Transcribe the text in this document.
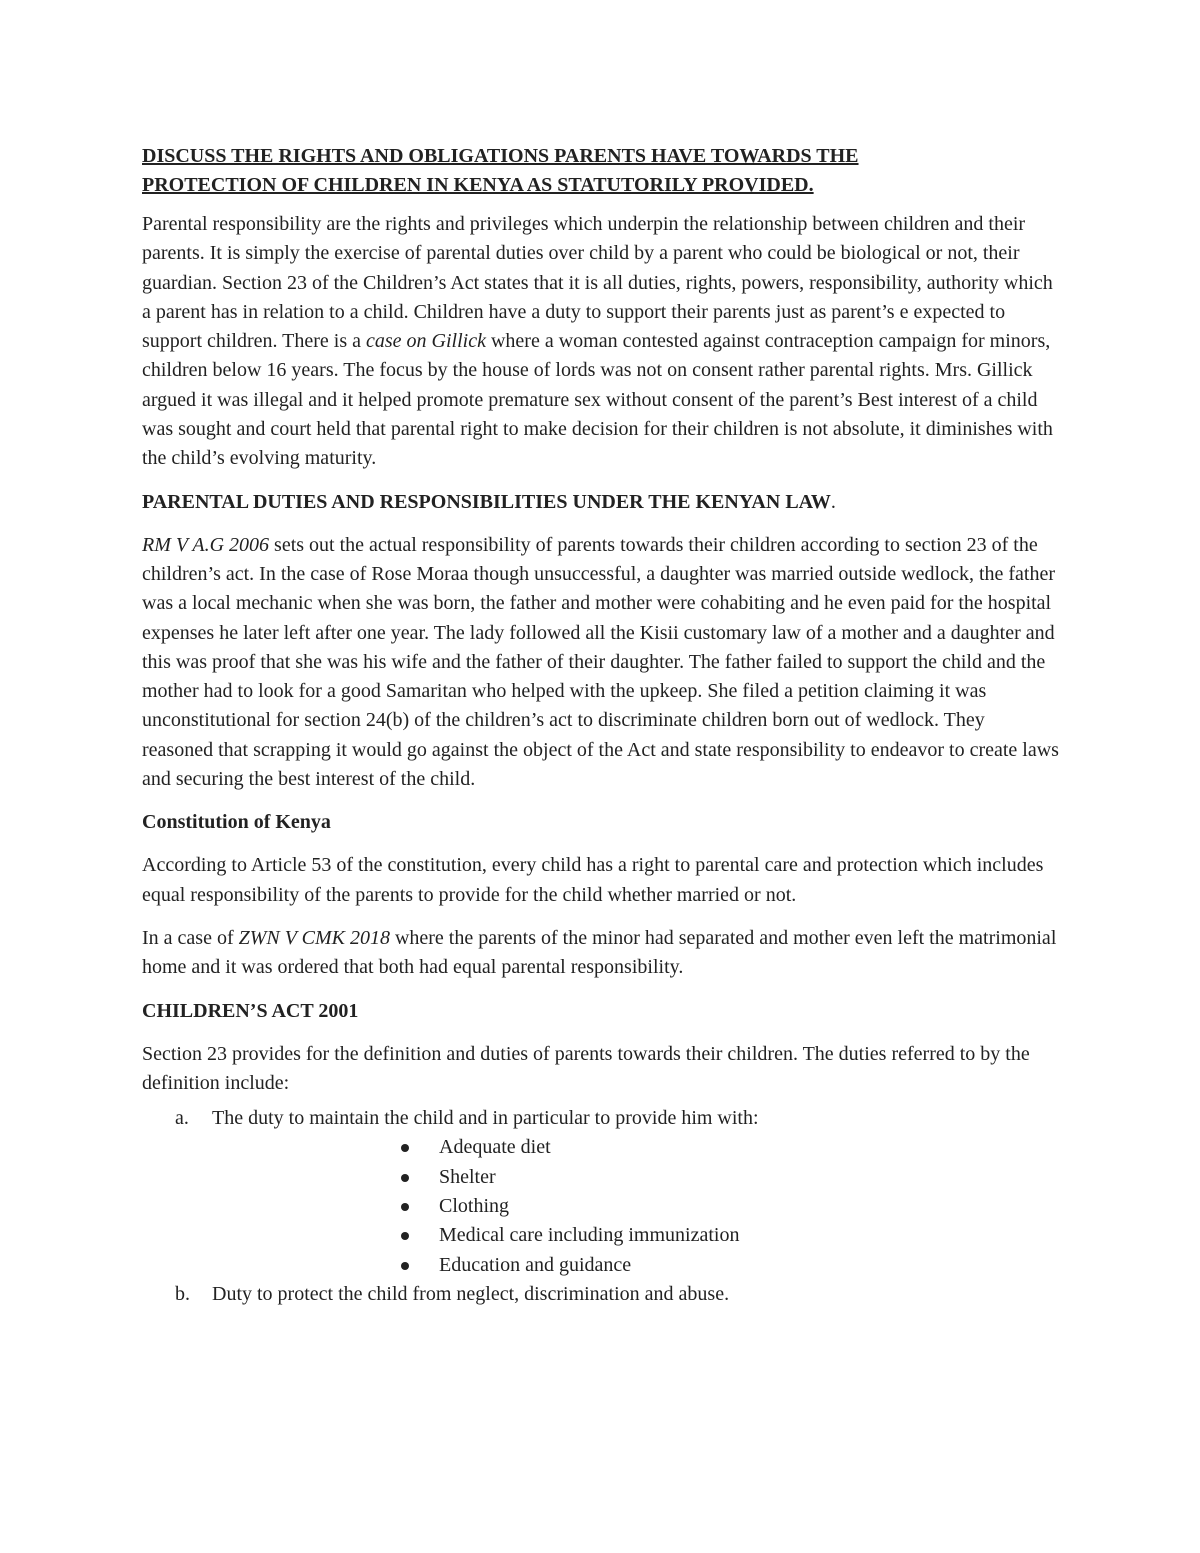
DISCUSS THE RIGHTS AND OBLIGATIONS PARENTS HAVE TOWARDS THE
PROTECTION OF CHILDREN IN KENYA AS STATUTORILY PROVIDED.

Parental responsibility are the rights and privileges which underpin the relationship between children and their parents. It is simply the exercise of parental duties over child by a parent who could be biological or not, their guardian. Section 23 of the Children’s Act states that it is all duties, rights, powers, responsibility, authority which a parent has in relation to a child. Children have a duty to support their parents just as parent’s e expected to support children. There is a case on Gillick where a woman contested against contraception campaign for minors, children below 16 years. The focus by the house of lords was not on consent rather parental rights. Mrs. Gillick argued it was illegal and it helped promote premature sex without consent of the parent’s Best interest of a child was sought and court held that parental right to make decision for their children is not absolute, it diminishes with the child’s evolving maturity.

PARENTAL DUTIES AND RESPONSIBILITIES UNDER THE KENYAN LAW.

RM V A.G 2006 sets out the actual responsibility of parents towards their children according to section 23 of the children’s act. In the case of Rose Moraa though unsuccessful, a daughter was married outside wedlock, the father was a local mechanic when she was born, the father and mother were cohabiting and he even paid for the hospital expenses he later left after one year. The lady followed all the Kisii customary law of a mother and a daughter and this was proof that she was his wife and the father of their daughter. The father failed to support the child and the mother had to look for a good Samaritan who helped with the upkeep. She filed a petition claiming it was unconstitutional for section 24(b) of the children’s act to discriminate children born out of wedlock. They reasoned that scrapping it would go against the object of the Act and state responsibility to endeavor to create laws and securing the best interest of the child.

Constitution of Kenya

According to Article 53 of the constitution, every child has a right to parental care and protection which includes equal responsibility of the parents to provide for the child whether married or not.

In a case of ZWN V CMK 2018 where the parents of the minor had separated and mother even left the matrimonial home and it was ordered that both had equal parental responsibility.

CHILDREN’S ACT 2001

Section 23 provides for the definition and duties of parents towards their children. The duties referred to by the definition include:

a. The duty to maintain the child and in particular to provide him with:
Adequate diet
Shelter
Clothing
Medical care including immunization
Education and guidance
b. Duty to protect the child from neglect, discrimination and abuse.
